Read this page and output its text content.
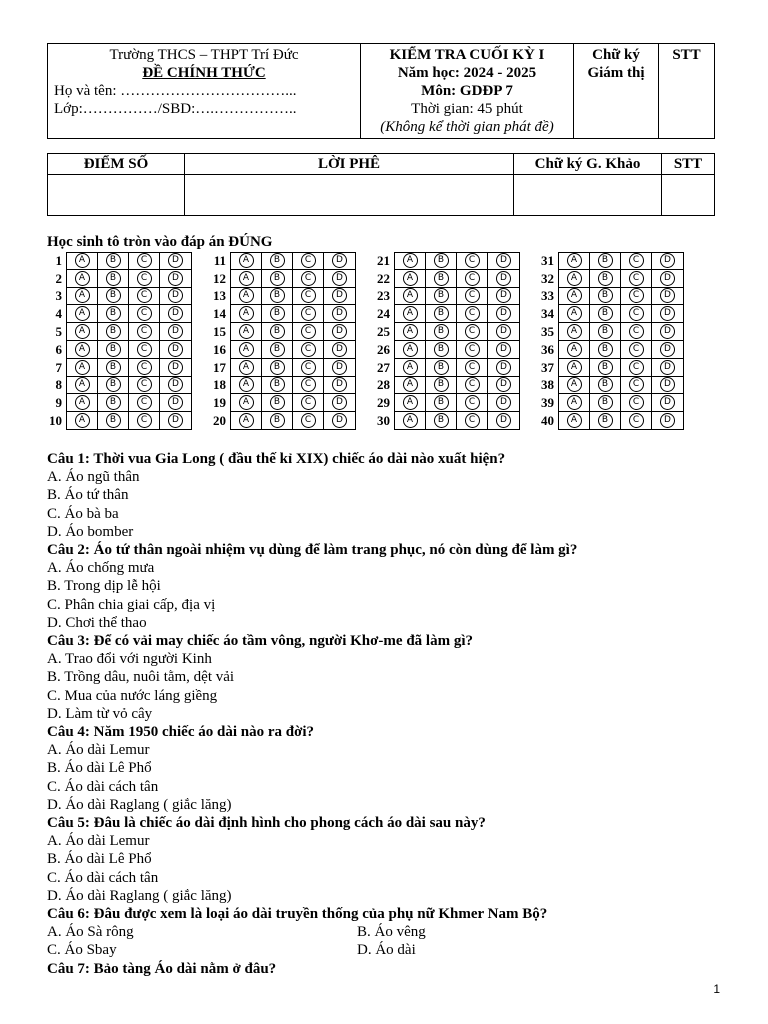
Trường THCS – THPT Trí Đức
ĐỀ CHÍNH THỨC
Họ và tên: ……………………………...
Lớp:……………/SBD:….……………..

KIỂM TRA CUỐI KỲ I
Năm học: 2024 - 2025
Môn: GDĐP 7
Thời gian: 45 phút
(Không kể thời gian phát đề)

Chữ ký Giám thị

STT
ĐIỂM SỐ	LỜI PHÊ	Chữ ký G. Khảo	STT

Học sinh tô tròn vào đáp án ĐÚNG
1	A	B	C	D
2	A	B	C	D
3	A	B	C	D
4	A	B	C	D
5	A	B	C	D
6	A	B	C	D
7	A	B	C	D
8	A	B	C	D
9	A	B	C	D
10	A	B	C	D
11	A	B	C	D
12	A	B	C	D
13	A	B	C	D
14	A	B	C	D
15	A	B	C	D
16	A	B	C	D
17	A	B	C	D
18	A	B	C	D
19	A	B	C	D
20	A	B	C	D
21	A	B	C	D
22	A	B	C	D
23	A	B	C	D
24	A	B	C	D
25	A	B	C	D
26	A	B	C	D
27	A	B	C	D
28	A	B	C	D
29	A	B	C	D
30	A	B	C	D
31	A	B	C	D
32	A	B	C	D
33	A	B	C	D
34	A	B	C	D
35	A	B	C	D
36	A	B	C	D
37	A	B	C	D
38	A	B	C	D
39	A	B	C	D
40	A	B	C	D
Câu 1: Thời vua Gia Long ( đầu thế kỉ XIX) chiếc áo dài nào xuất hiện?
A. Áo ngũ thân
B. Áo tứ thân
C. Áo bà ba
D. Áo bomber
Câu 2: Áo tứ thân ngoài nhiệm vụ dùng để làm trang phục, nó còn dùng để làm gì?
A. Áo chống mưa
B. Trong dịp lễ hội
C. Phân chia giai cấp, địa vị
D. Chơi thể thao
Câu 3: Để có vải may chiếc áo tầm vông, người Khơ-me đã làm gì?
A. Trao đổi với người Kinh
B. Trồng dâu, nuôi tằm, dệt vải
C. Mua của nước láng giềng
D. Làm từ vỏ cây
Câu 4: Năm 1950 chiếc áo dài nào ra đời?
A. Áo dài Lemur
B. Áo dài Lê Phổ
C. Áo dài cách tân
D. Áo dài Raglang ( giắc lăng)
Câu 5: Đâu là chiếc áo dài định hình cho phong cách áo dài sau này?
A. Áo dài Lemur
B. Áo dài Lê Phổ
C. Áo dài cách tân
D. Áo dài Raglang ( giắc lăng)
Câu 6: Đâu được xem là loại áo dài truyền thống của phụ nữ Khmer Nam Bộ?
A. Áo Sà rông	B. Áo vêng
C. Áo Sbay	D. Áo dài
Câu 7: Bảo tàng Áo dài nằm ở đâu?
1
